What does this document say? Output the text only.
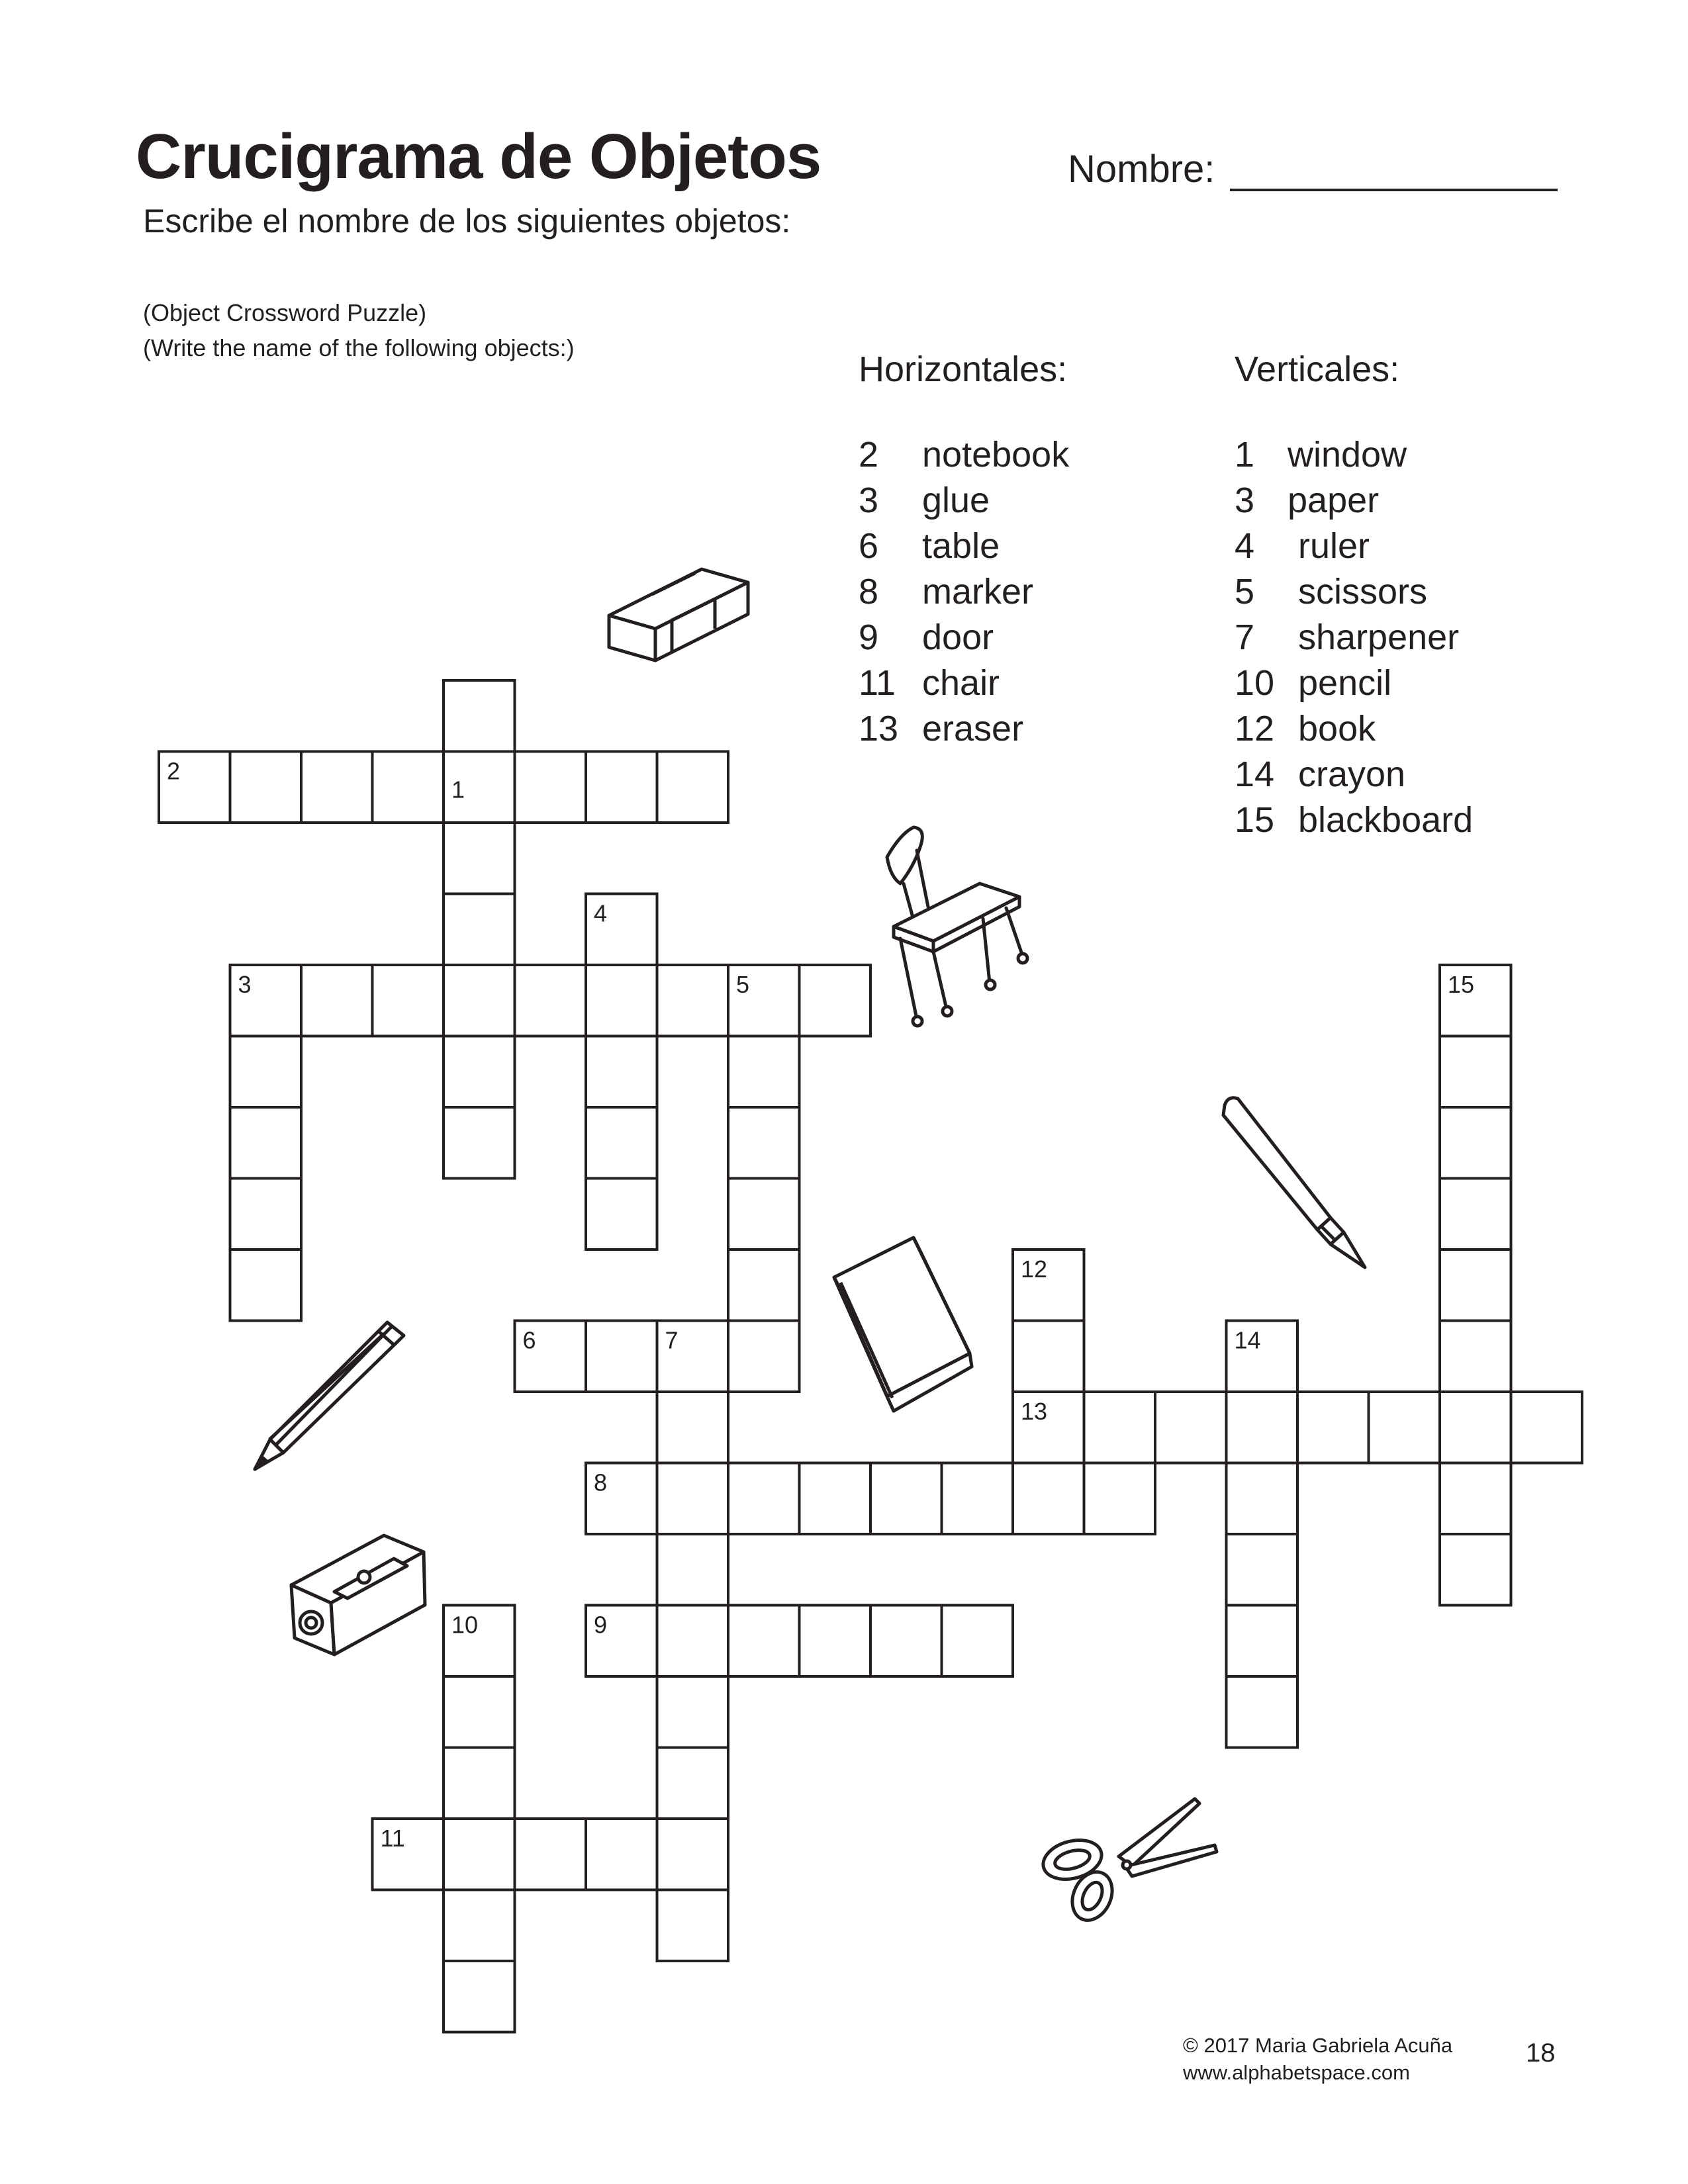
Crucigrama de Objetos	Nombre:
Escribe el nombre de los siguientes objetos:
(Object Crossword Puzzle)
(Write the name of the following objects:)
Horizontales:	Verticales:
2 notebook
3 glue
6 table
8 marker
9 door
11 chair
13 eraser
1 window
3 paper
4 ruler
5 scissors
7 sharpener
10 pencil
12 book
14 crayon
15 blackboard
1
2
3
4
5
6	7
8
9
10
11
12
13
14
15
© 2017 Maria Gabriela Acuña
www.alphabetspace.com
18
